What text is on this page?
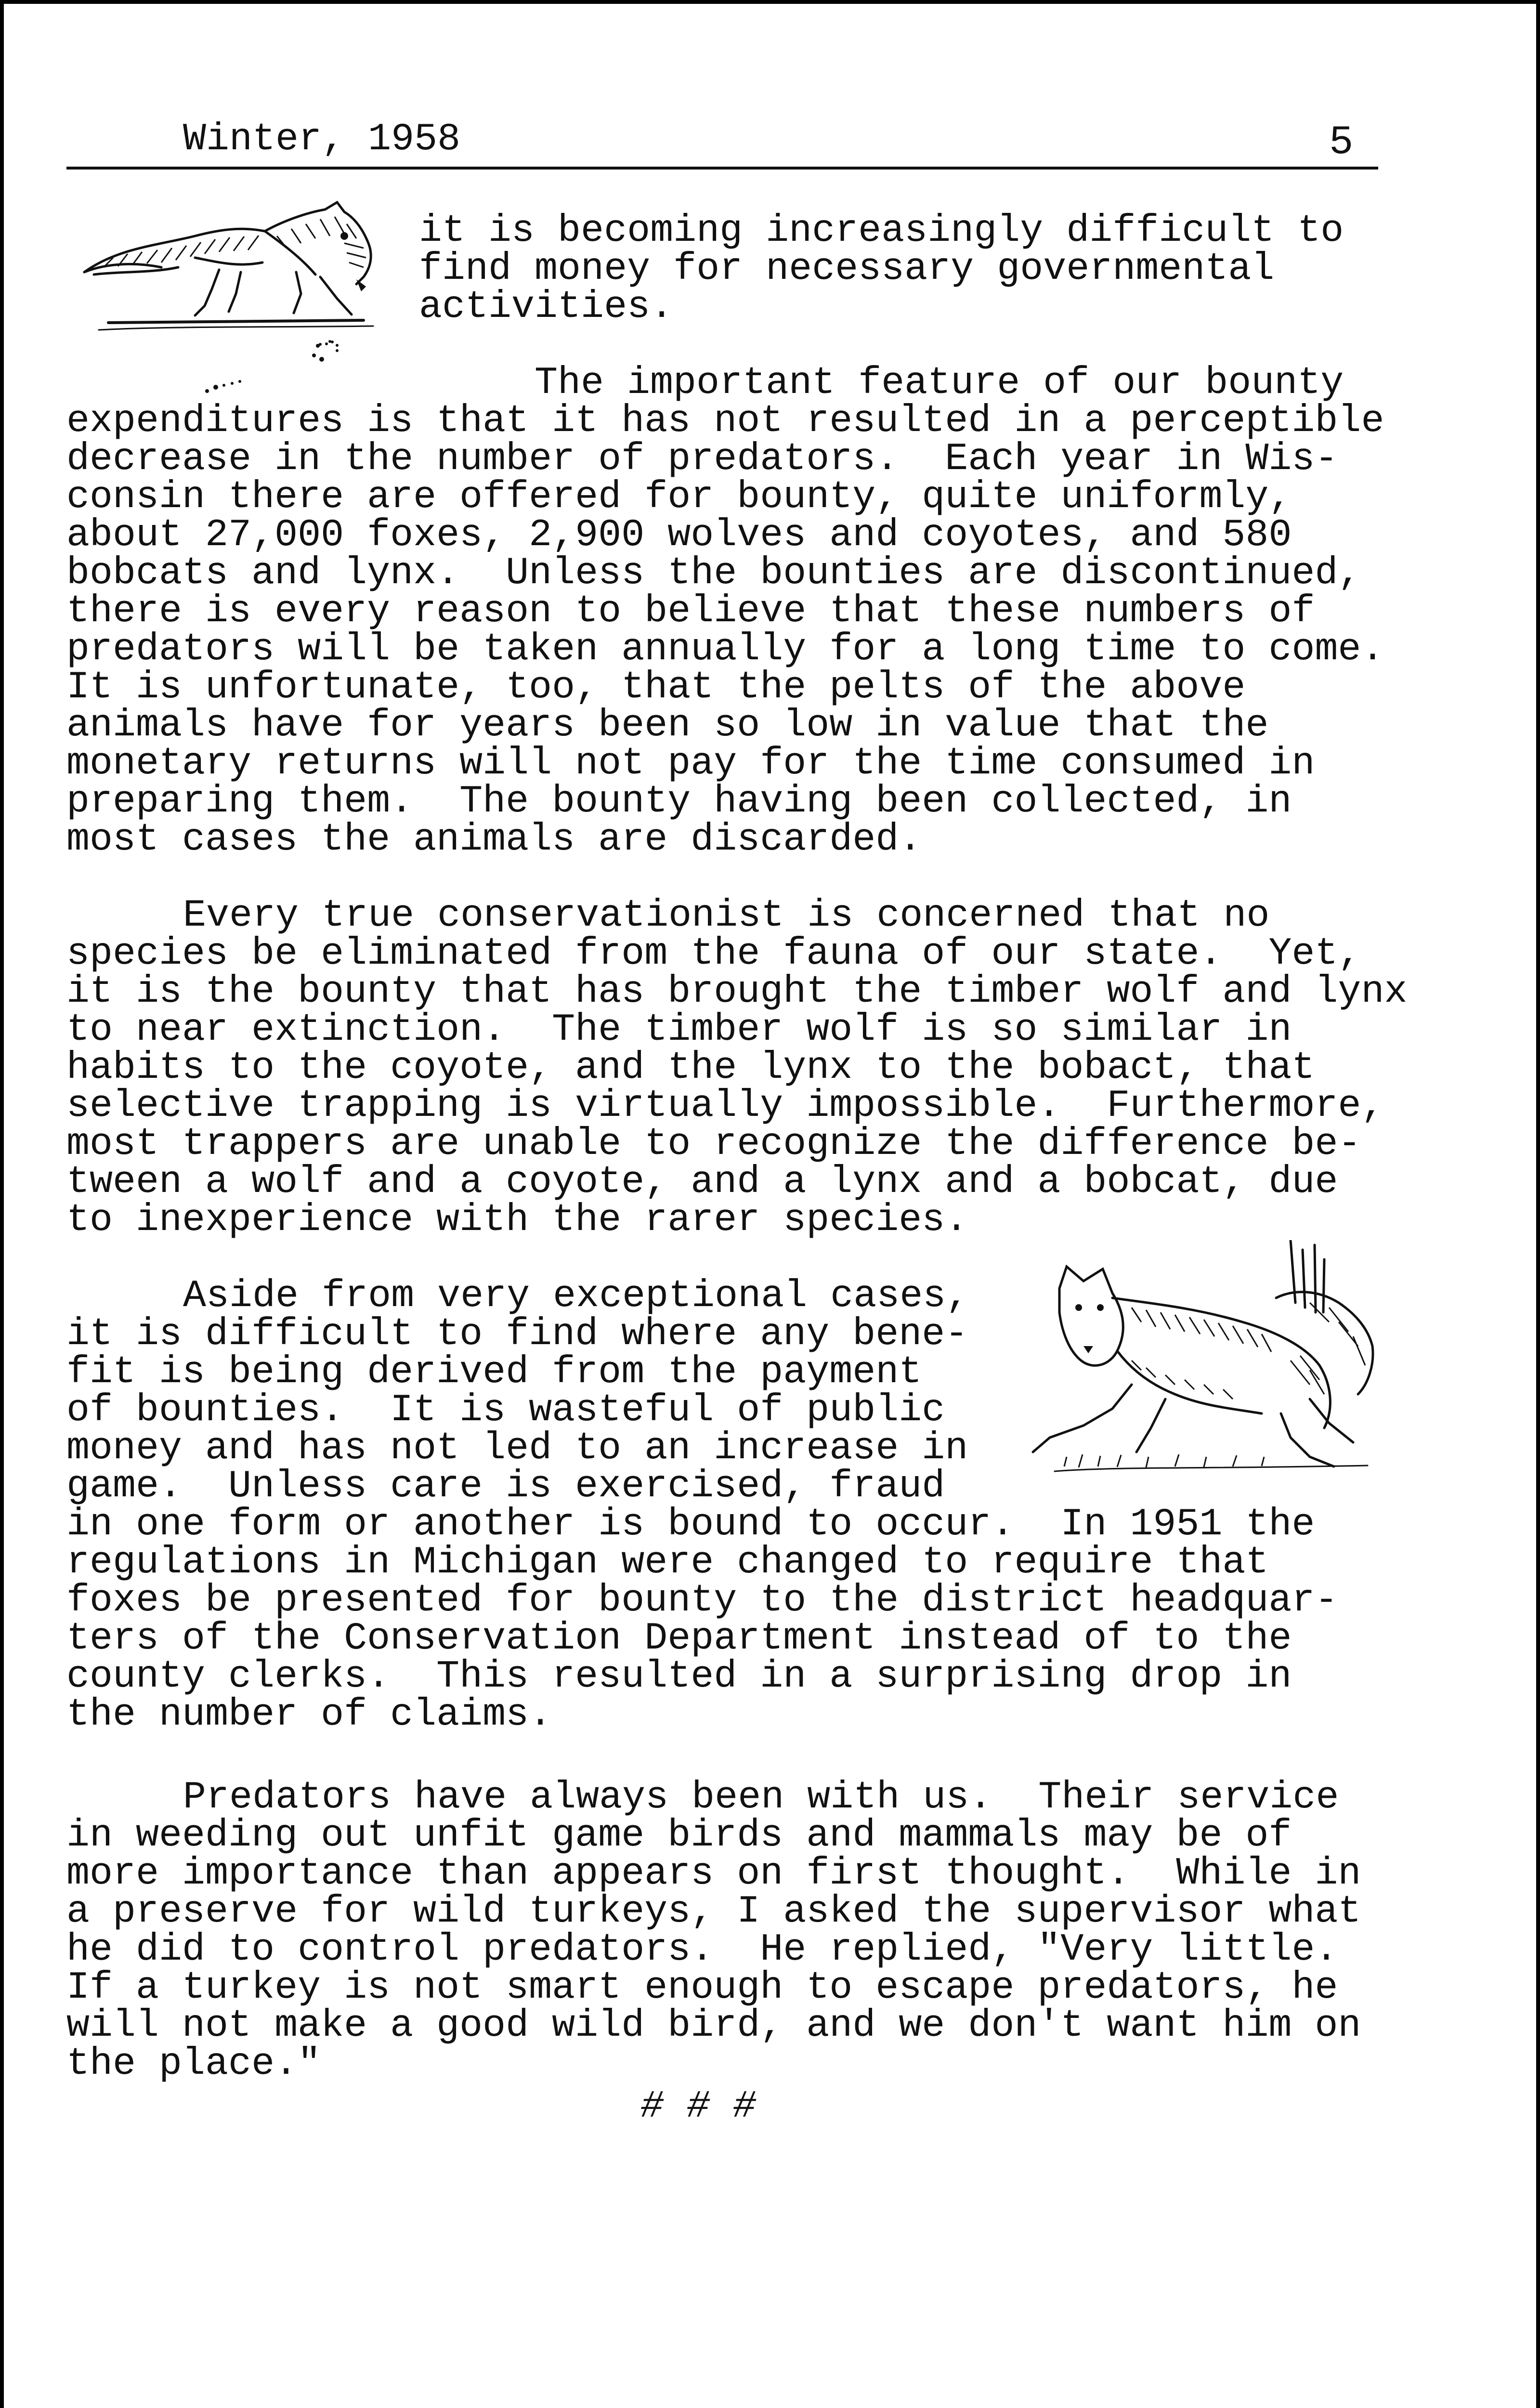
Winter, 1958	5
it is becoming increasingly difficult to
find money for necessary governmental
activities.
The important feature of our bounty
expenditures is that it has not resulted in a perceptible
decrease in the number of predators.  Each year in Wis-
consin there are offered for bounty, quite uniformly,
about 27,000 foxes, 2,900 wolves and coyotes, and 580
bobcats and lynx.  Unless the bounties are discontinued,
there is every reason to believe that these numbers of
predators will be taken annually for a long time to come.
It is unfortunate, too, that the pelts of the above
animals have for years been so low in value that the
monetary returns will not pay for the time consumed in
preparing them.  The bounty having been collected, in
most cases the animals are discarded.
Every true conservationist is concerned that no
species be eliminated from the fauna of our state.  Yet,
it is the bounty that has brought the timber wolf and lynx
to near extinction.  The timber wolf is so similar in
habits to the coyote, and the lynx to the bobact, that
selective trapping is virtually impossible.  Furthermore,
most trappers are unable to recognize the difference be-
tween a wolf and a coyote, and a lynx and a bobcat, due
to inexperience with the rarer species.
Aside from very exceptional cases,
it is difficult to find where any bene-
fit is being derived from the payment
of bounties.  It is wasteful of public
money and has not led to an increase in
game.  Unless care is exercised, fraud
in one form or another is bound to occur.  In 1951 the
regulations in Michigan were changed to require that
foxes be presented for bounty to the district headquar-
ters of the Conservation Department instead of to the
county clerks.  This resulted in a surprising drop in
the number of claims.
Predators have always been with us.  Their service
in weeding out unfit game birds and mammals may be of
more importance than appears on first thought.  While in
a preserve for wild turkeys, I asked the supervisor what
he did to control predators.  He replied, "Very little.
If a turkey is not smart enough to escape predators, he
will not make a good wild bird, and we don't want him on
the place."
# # #
